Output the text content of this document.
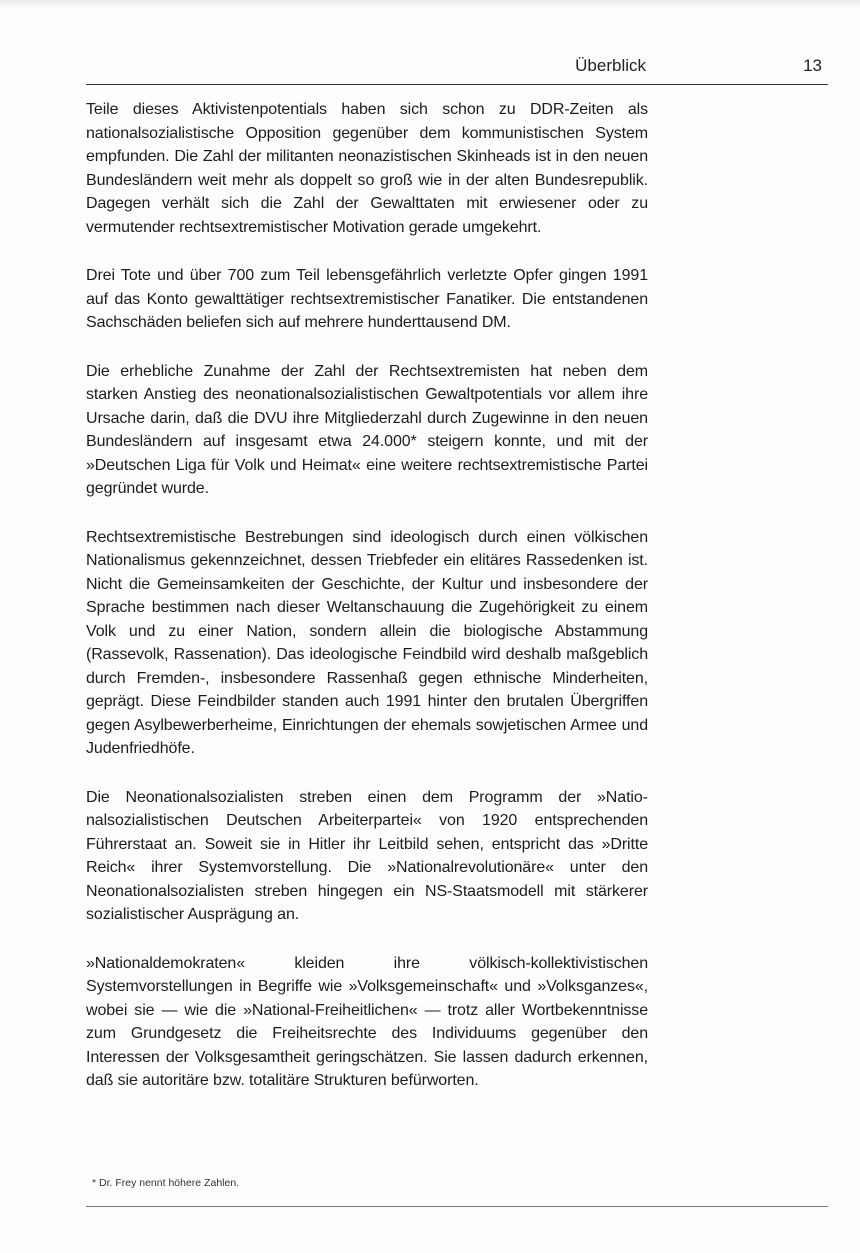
Überblick	13

Teile dieses Aktivistenpotentials haben sich schon zu DDR-Zeiten als nationalsozialistische Opposition gegenüber dem kommunistischen System empfunden. Die Zahl der militanten neonazistischen Skinheads ist in den neuen Bundesländern weit mehr als doppelt so groß wie in der alten Bundesrepublik. Dagegen verhält sich die Zahl der Gewalttaten mit erwiesener oder zu vermutender rechtsextremistischer Motivation gerade umgekehrt.

Drei Tote und über 700 zum Teil lebensgefährlich verletzte Opfer gingen 1991 auf das Konto gewalttätiger rechtsextremistischer Fanatiker. Die entstandenen Sachschäden beliefen sich auf mehrere hunderttausend DM.

Die erhebliche Zunahme der Zahl der Rechtsextremisten hat neben dem starken Anstieg des neonationalsozialistischen Gewaltpotentials vor allem ihre Ursache darin, daß die DVU ihre Mitgliederzahl durch Zugewinne in den neuen Bundesländern auf insgesamt etwa 24.000* steigern konnte, und mit der »Deutschen Liga für Volk und Heimat« eine weitere rechtsextremistische Partei gegründet wurde.

Rechtsextremistische Bestrebungen sind ideologisch durch einen völkischen Nationalismus gekennzeichnet, dessen Triebfeder ein elitäres Rassedenken ist. Nicht die Gemeinsamkeiten der Geschichte, der Kultur und insbesondere der Sprache bestimmen nach dieser Weltanschauung die Zugehörigkeit zu einem Volk und zu einer Nation, sondern allein die biologische Abstammung (Rassevolk, Rassenation). Das ideologische Feindbild wird deshalb maßgeblich durch Fremden-, insbesondere Rassenhaß gegen ethnische Minderheiten, geprägt. Diese Feindbilder standen auch 1991 hinter den brutalen Übergriffen gegen Asylbewerberheime, Einrichtungen der ehemals sowjetischen Armee und Judenfriedhöfe.

Die Neonationalsozialisten streben einen dem Programm der »Nationalsozialistischen Deutschen Arbeiterpartei« von 1920 entsprechenden Führerstaat an. Soweit sie in Hitler ihr Leitbild sehen, entspricht das »Dritte Reich« ihrer Systemvorstellung. Die »Nationalrevolutionäre« unter den Neonationalsozialisten streben hingegen ein NS-Staatsmodell mit stärkerer sozialistischer Ausprägung an.

»Nationaldemokraten« kleiden ihre völkisch-kollektivistischen Systemvorstellungen in Begriffe wie »Volksgemeinschaft« und »Volksganzes«, wobei sie — wie die »National-Freiheitlichen« — trotz aller Wortbekenntnisse zum Grundgesetz die Freiheitsrechte des Individuums gegenüber den Interessen der Volksgesamtheit geringschätzen. Sie lassen dadurch erkennen, daß sie autoritäre bzw. totalitäre Strukturen befürworten.

* Dr. Frey nennt höhere Zahlen.
